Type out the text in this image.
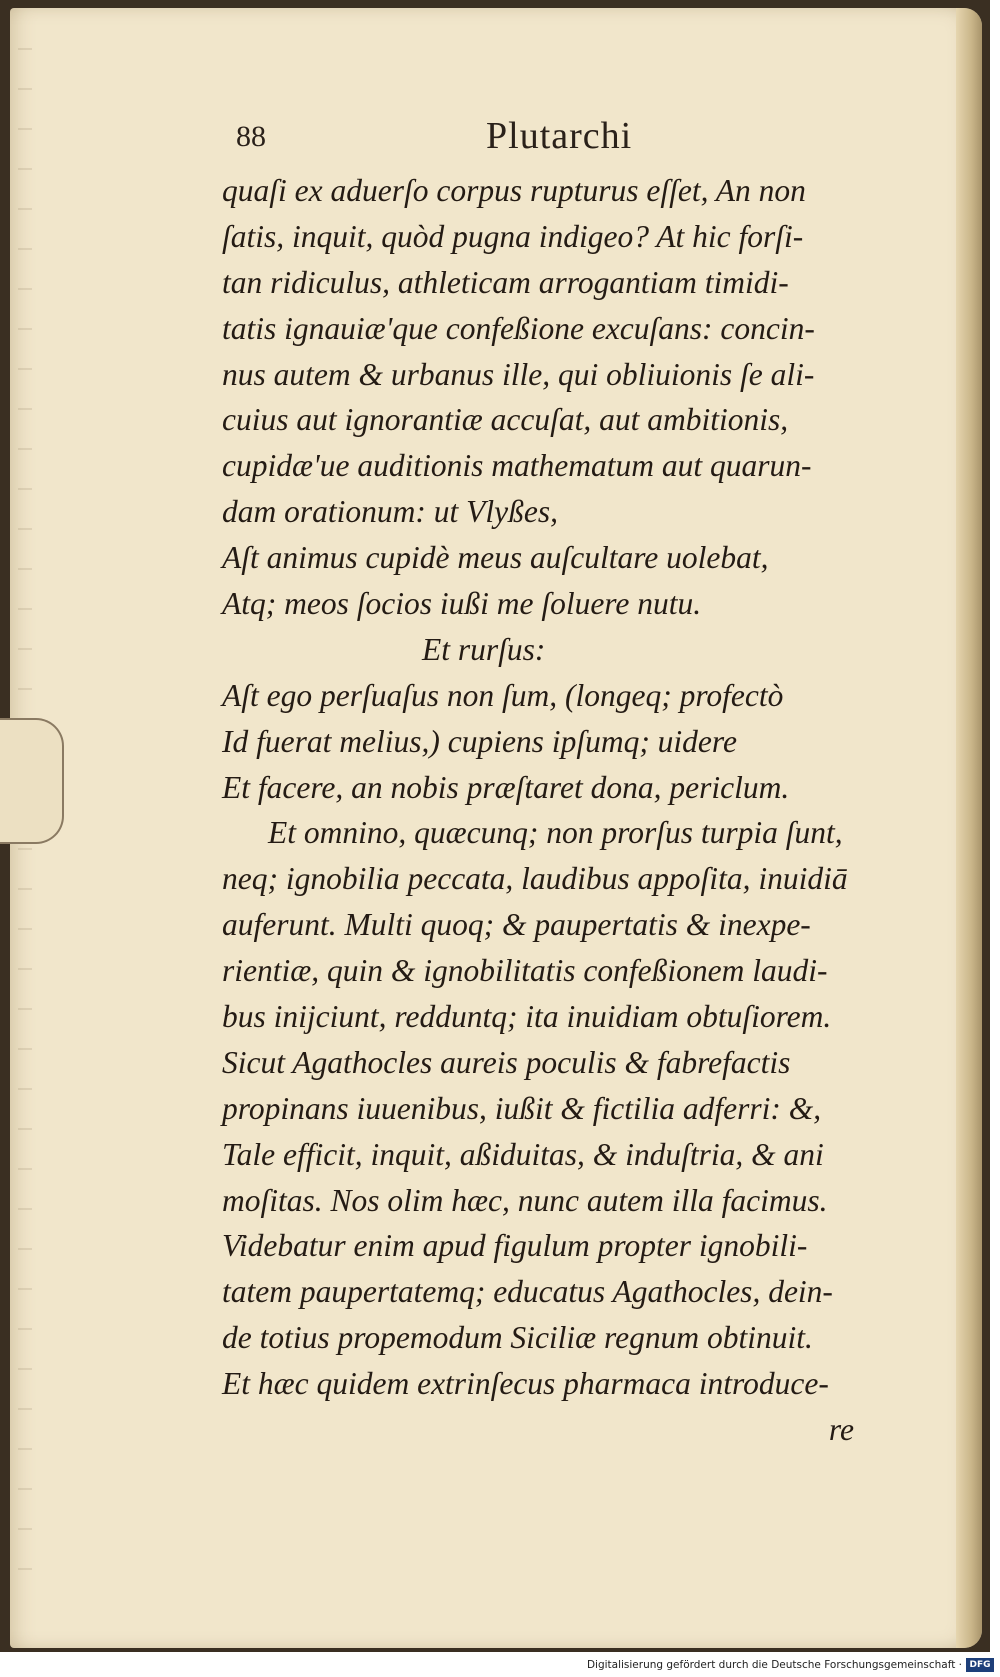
88	Plutarchi
quaſi ex aduerſo corpus rupturus eſſet, An non
ſatis, inquit, quòd pugna indigeo? At hic forſi-
tan ridiculus, athleticam arrogantiam timidi-
tatis ignauiæ'que confeßione excuſans: concin-
nus autem & urbanus ille, qui obliuionis ſe ali-
cuius aut ignorantiæ accuſat, aut ambitionis,
cupidæ'ue auditionis mathematum aut quarun-
dam orationum: ut Vlyßes,
Aſt animus cupidè meus auſcultare uolebat,
Atq; meos ſocios iußi me ſoluere nutu.
Et rurſus:
Aſt ego perſuaſus non ſum, (longeq; profectò
Id fuerat melius,) cupiens ipſumq; uidere
Et facere, an nobis præſtaret dona, periclum.
Et omnino, quæcunq; non prorſus turpia ſunt,
neq; ignobilia peccata, laudibus appoſita, inuidiā
auferunt. Multi quoq; & paupertatis & inexpe-
rientiæ, quin & ignobilitatis confeßionem laudi-
bus inijciunt, redduntq; ita inuidiam obtuſiorem.
Sicut Agathocles aureis poculis & fabrefactis
propinans iuuenibus, iußit & fictilia adferri: &,
Tale efficit, inquit, aßiduitas, & induſtria, & ani
moſitas. Nos olim hæc, nunc autem illa facimus.
Videbatur enim apud figulum propter ignobili-
tatem paupertatemq; educatus Agathocles, dein-
de totius propemodum Siciliæ regnum obtinuit.
Et hæc quidem extrinſecus pharmaca introduce-
re
Digitalisierung gefördert durch die Deutsche Forschungsgemeinschaft · DFG
